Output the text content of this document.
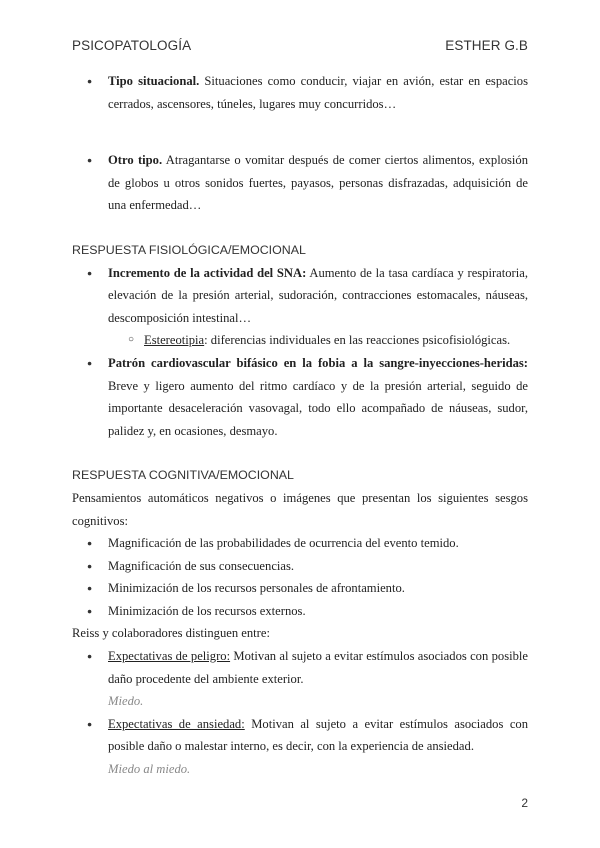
PSICOPATOLOGÍA	ESTHER G.B
● Tipo situacional. Situaciones como conducir, viajar en avión, estar en espacios cerrados, ascensores, túneles, lugares muy concurridos…
● Otro tipo. Atragantarse o vomitar después de comer ciertos alimentos, explosión de globos u otros sonidos fuertes, payasos, personas disfrazadas, adquisición de una enfermedad…
RESPUESTA FISIOLÓGICA/EMOCIONAL
● Incremento de la actividad del SNA: Aumento de la tasa cardíaca y respiratoria, elevación de la presión arterial, sudoración, contracciones estomacales, náuseas, descomposición intestinal…
○ Estereotipia: diferencias individuales en las reacciones psicofisiológicas.
● Patrón cardiovascular bifásico en la fobia a la sangre-inyecciones-heridas: Breve y ligero aumento del ritmo cardíaco y de la presión arterial, seguido de importante desaceleración vasovagal, todo ello acompañado de náuseas, sudor, palidez y, en ocasiones, desmayo.
RESPUESTA COGNITIVA/EMOCIONAL
Pensamientos automáticos negativos o imágenes que presentan los siguientes sesgos cognitivos:
● Magnificación de las probabilidades de ocurrencia del evento temido.
● Magnificación de sus consecuencias.
● Minimización de los recursos personales de afrontamiento.
● Minimización de los recursos externos.
Reiss y colaboradores distinguen entre:
● Expectativas de peligro: Motivan al sujeto a evitar estímulos asociados con posible daño procedente del ambiente exterior.
Miedo.
● Expectativas de ansiedad: Motivan al sujeto a evitar estímulos asociados con posible daño o malestar interno, es decir, con la experiencia de ansiedad.
Miedo al miedo.
2
